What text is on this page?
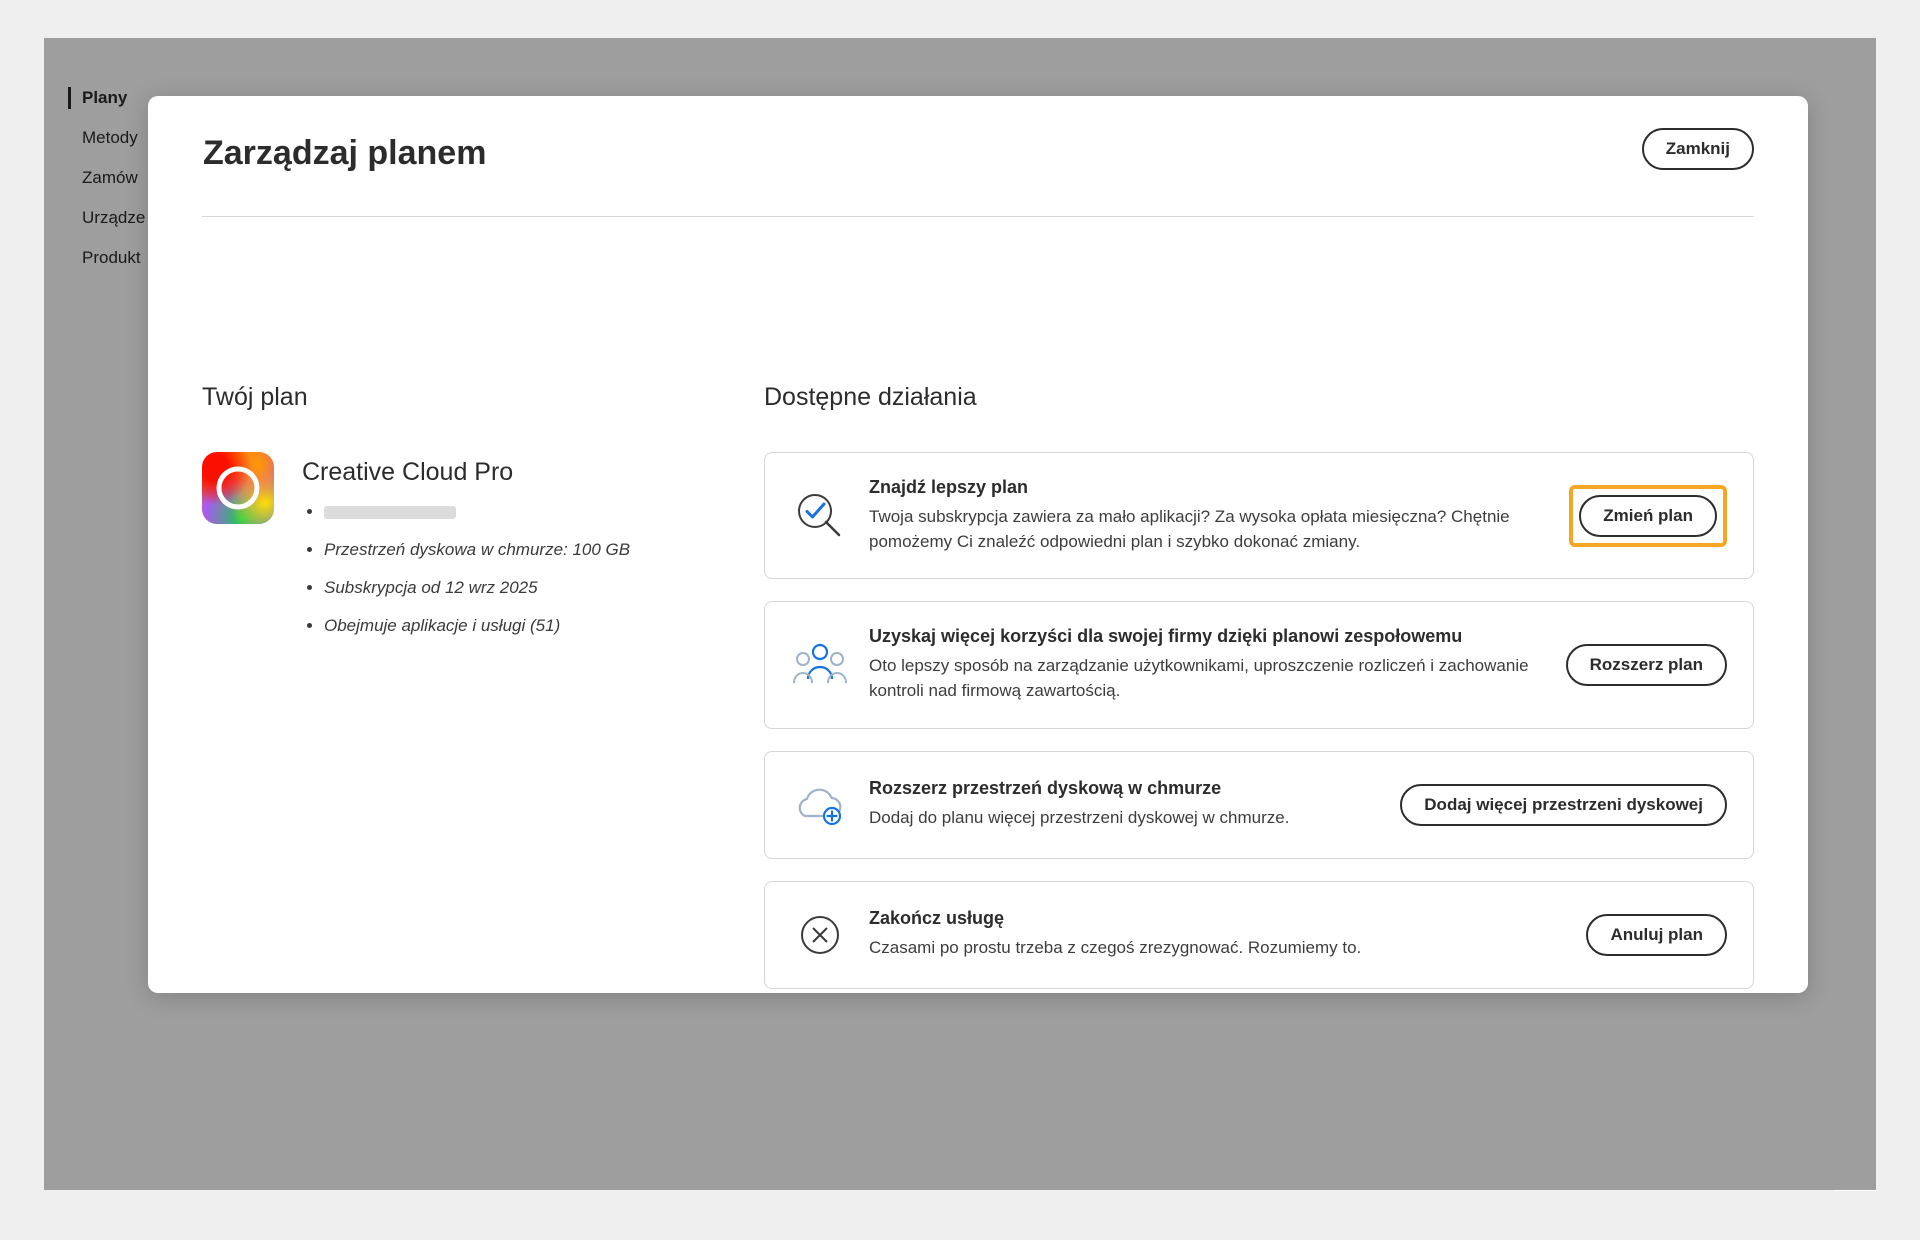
Plany
Metody
Zamów
Urządze
Produkt
Zarządzaj planem	Zamknij
Twój plan
Creative Cloud Pro
•
• Przestrzeń dyskowa w chmurze: 100 GB
• Subskrypcja od 12 wrz 2025
• Obejmuje aplikacje i usługi (51)
Dostępne działania
Znajdź lepszy plan
Twoja subskrypcja zawiera za mało aplikacji? Za wysoka opłata miesięczna? Chętnie pomożemy Ci znaleźć odpowiedni plan i szybko dokonać zmiany.
Zmień plan
Uzyskaj więcej korzyści dla swojej firmy dzięki planowi zespołowemu
Oto lepszy sposób na zarządzanie użytkownikami, uproszczenie rozliczeń i zachowanie kontroli nad firmową zawartością.
Rozszerz plan
Rozszerz przestrzeń dyskową w chmurze
Dodaj do planu więcej przestrzeni dyskowej w chmurze.
Dodaj więcej przestrzeni dyskowej
Zakończ usługę
Czasami po prostu trzeba z czegoś zrezygnować. Rozumiemy to.
Anuluj plan
